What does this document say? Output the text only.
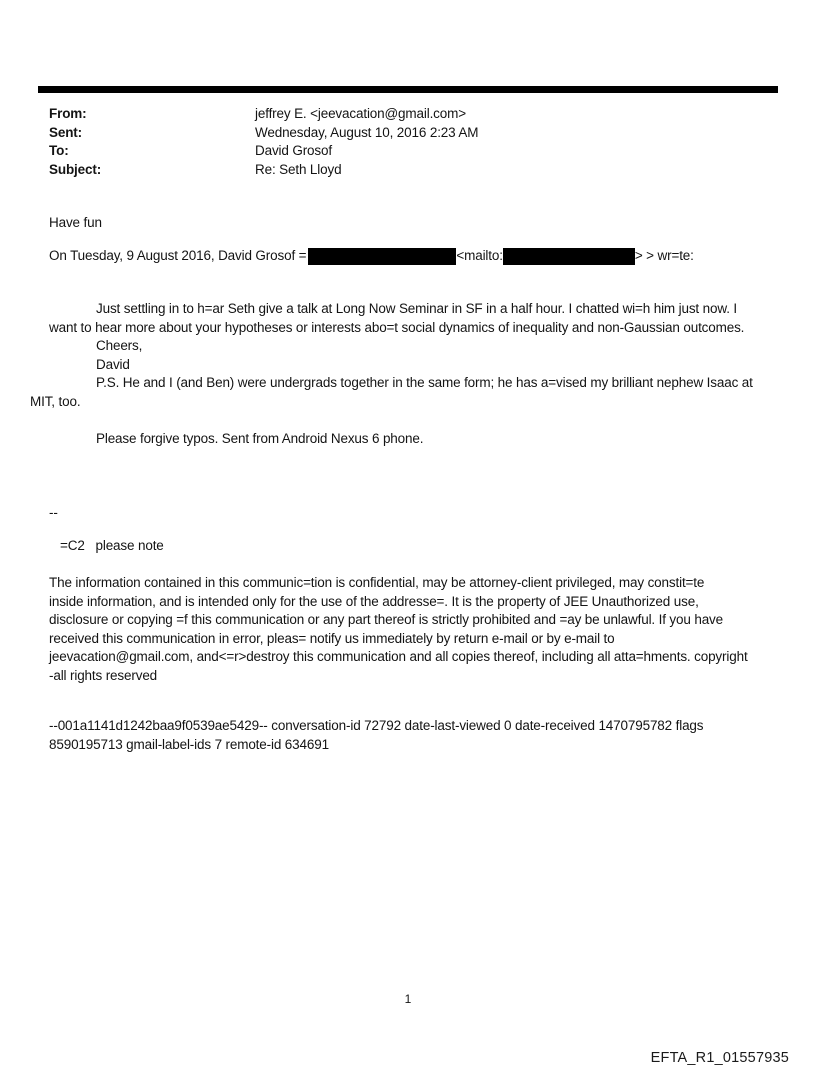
From:	jeffrey E. <jeevacation@gmail.com>
Sent:	Wednesday, August 10, 2016 2:23 AM
To:	David Grosof
Subject:	Re: Seth Lloyd
Have fun
On Tuesday, 9 August 2016, David Grosof =	<mailto:	> > wr=te:
Just settling in to h=ar Seth give a talk at Long Now Seminar in SF in a half hour. I chatted wi=h him just now. I
want to hear more about your hypotheses or interests abo=t social dynamics of inequality and non-Gaussian outcomes.
Cheers,
David
P.S. He and I (and Ben) were undergrads together in the same form; he has a=vised my brilliant nephew Isaac at
MIT, too.
Please forgive typos. Sent from Android Nexus 6 phone.
--
=C2   please note
The information contained in this communic=tion is confidential, may be attorney-client privileged, may constit=te
inside information, and is intended only for the use of the addresse=. It is the property of JEE Unauthorized use,
disclosure or copying =f this communication or any part thereof is strictly prohibited and =ay be unlawful. If you have
received this communication in error, pleas= notify us immediately by return e-mail or by e-mail to
jeevacation@gmail.com, and<=r>destroy this communication and all copies thereof, including all atta=hments. copyright
-all rights reserved
--001a1141d1242baa9f0539ae5429-- conversation-id 72792 date-last-viewed 0 date-received 1470795782 flags
8590195713 gmail-label-ids 7 remote-id 634691
1
EFTA_R1_01557935
